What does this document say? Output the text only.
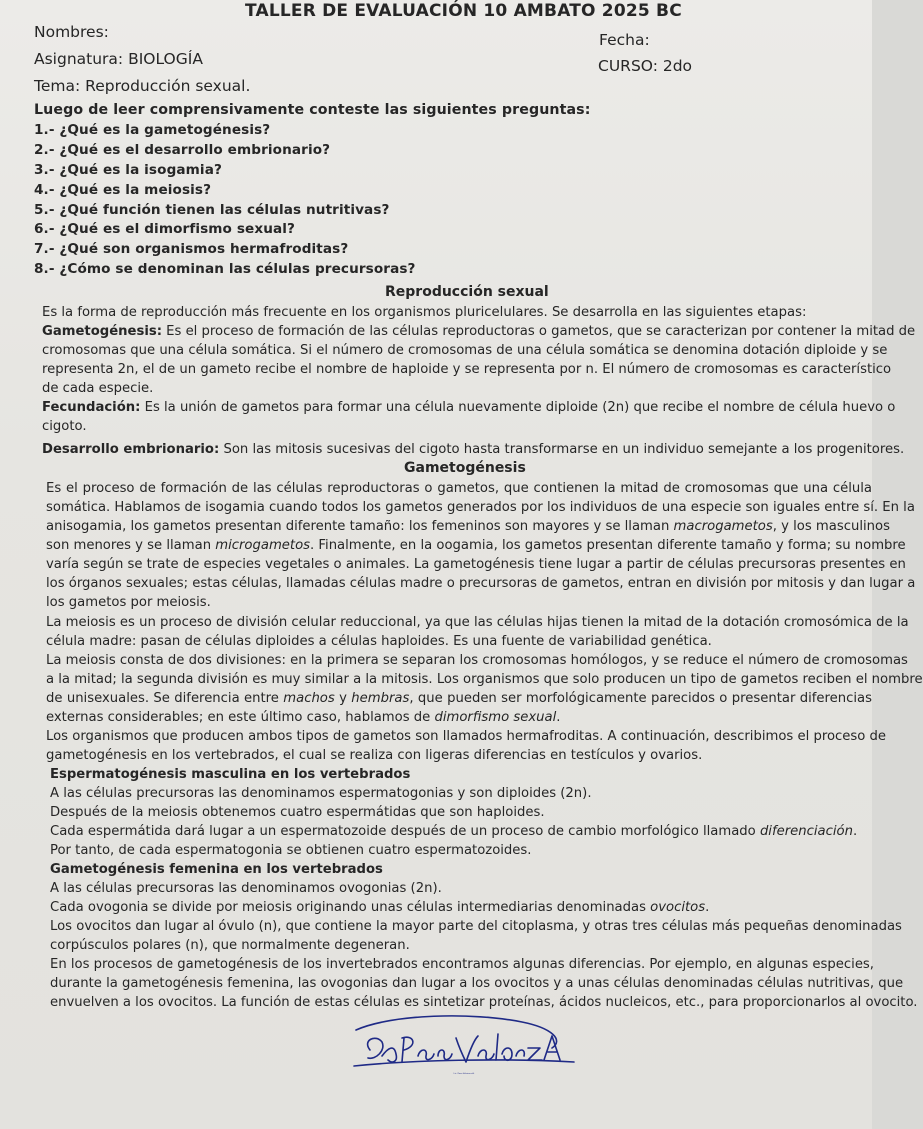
TALLER DE EVALUACIÓN 10 AMBATO 2025 BC
Nombres:	Fecha:
Asignatura: BIOLOGÍA	CURSO: 2do
Tema: Reproducción sexual.
Luego de leer comprensivamente conteste las siguientes preguntas:
1.- ¿Qué es la gametogénesis?
2.- ¿Qué es el desarrollo embrionario?
3.- ¿Qué es la isogamia?
4.- ¿Qué es la meiosis?
5.- ¿Qué función tienen las células nutritivas?
6.- ¿Qué es el dimorfismo sexual?
7.- ¿Qué son organismos hermafroditas?
8.- ¿Cómo se denominan las células precursoras?
Reproducción sexual
Es la forma de reproducción más frecuente en los organismos pluricelulares. Se desarrolla en las siguientes etapas:
Gametogénesis: Es el proceso de formación de las células reproductoras o gametos, que se caracterizan por contener la mitad de
cromosomas que una célula somática. Si el número de cromosomas de una célula somática se denomina dotación diploide y se
representa 2n, el de un gameto recibe el nombre de haploide y se representa por n. El número de cromosomas es característico
de cada especie.
Fecundación: Es la unión de gametos para formar una célula nuevamente diploide (2n) que recibe el nombre de célula huevo o
cigoto.
Desarrollo embrionario: Son las mitosis sucesivas del cigoto hasta transformarse en un individuo semejante a los progenitores.
Gametogénesis
Es el proceso de formación de las células reproductoras o gametos, que contienen la mitad de cromosomas que una célula
somática. Hablamos de isogamia cuando todos los gametos generados por los individuos de una especie son iguales entre sí. En la
anisogamia, los gametos presentan diferente tamaño: los femeninos son mayores y se llaman macrogametos, y los masculinos
son menores y se llaman microgametos. Finalmente, en la oogamia, los gametos presentan diferente tamaño y forma; su nombre
varía según se trate de especies vegetales o animales. La gametogénesis tiene lugar a partir de células precursoras presentes en
los órganos sexuales; estas células, llamadas células madre o precursoras de gametos, entran en división por mitosis y dan lugar a
los gametos por meiosis.
La meiosis es un proceso de división celular reduccional, ya que las células hijas tienen la mitad de la dotación cromosómica de la
célula madre: pasan de células diploides a células haploides. Es una fuente de variabilidad genética.
La meiosis consta de dos divisiones: en la primera se separan los cromosomas homólogos, y se reduce el número de cromosomas
a la mitad; la segunda división es muy similar a la mitosis. Los organismos que solo producen un tipo de gametos reciben el nombre
de unisexuales. Se diferencia entre machos y hembras, que pueden ser morfológicamente parecidos o presentar diferencias
externas considerables; en este último caso, hablamos de dimorfismo sexual.
Los organismos que producen ambos tipos de gametos son llamados hermafroditas. A continuación, describimos el proceso de
gametogénesis en los vertebrados, el cual se realiza con ligeras diferencias en testículos y ovarios.
Espermatogénesis masculina en los vertebrados
A las células precursoras las denominamos espermatogonias y son diploides (2n).
Después de la meiosis obtenemos cuatro espermátidas que son haploides.
Cada espermátida dará lugar a un espermatozoide después de un proceso de cambio morfológico llamado diferenciación.
Por tanto, de cada espermatogonia se obtienen cuatro espermatozoides.
Gametogénesis femenina en los vertebrados
A las células precursoras las denominamos ovogonias (2n).
Cada ovogonia se divide por meiosis originando unas células intermediarias denominadas ovocitos.
Los ovocitos dan lugar al óvulo (n), que contiene la mayor parte del citoplasma, y otras tres células más pequeñas denominadas
corpúsculos polares (n), que normalmente degeneran.
En los procesos de gametogénesis de los invertebrados encontramos algunas diferencias. Por ejemplo, en algunas especies,
durante la gametogénesis femenina, las ovogonias dan lugar a los ovocitos y a unas células denominadas células nutritivas, que
envuelven a los ovocitos. La función de estas células es sintetizar proteínas, ácidos nucleicos, etc., para proporcionarlos al ovocito.
Lic. Paco Valcónez A.
